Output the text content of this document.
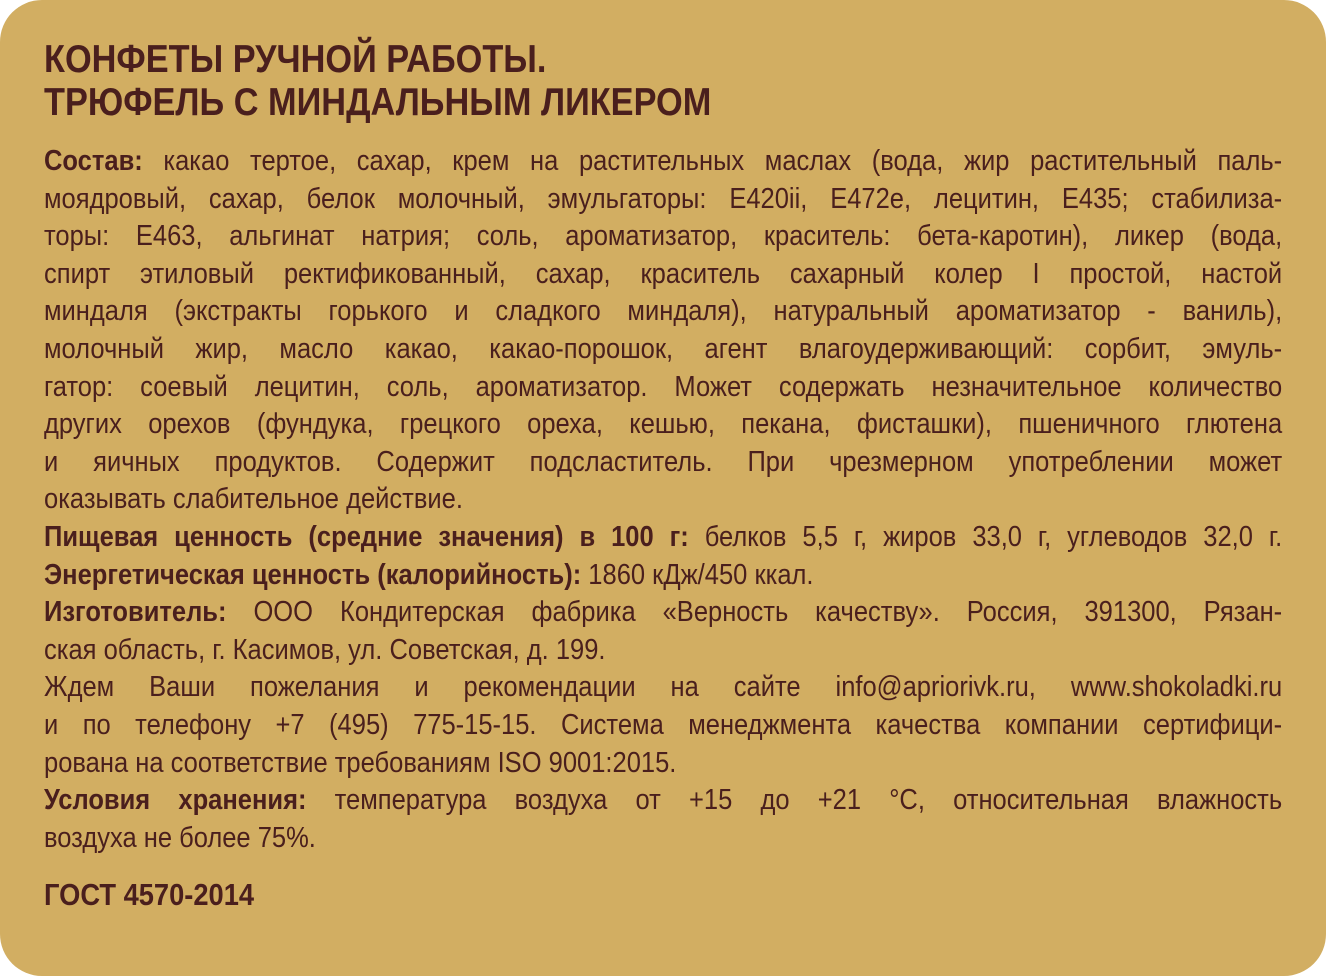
КОНФЕТЫ РУЧНОЙ РАБОТЫ.
ТРЮФЕЛЬ С МИНДАЛЬНЫМ ЛИКЕРОМ
Состав: какао тертое, сахар, крем на растительных маслах (вода, жир растительный паль-
моядровый, сахар, белок молочный, эмульгаторы: Е420ii, Е472е, лецитин, Е435; стабилиза-
торы: Е463, альгинат натрия; соль, ароматизатор, краситель: бета-каротин), ликер (вода,
спирт этиловый ректификованный, сахар, краситель сахарный колер I простой, настой
миндаля (экстракты горького и сладкого миндаля), натуральный ароматизатор - ваниль),
молочный жир, масло какао, какао-порошок, агент влагоудерживающий: сорбит, эмуль-
гатор: соевый лецитин, соль, ароматизатор. Может содержать незначительное количество
других орехов (фундука, грецкого ореха, кешью, пекана, фисташки), пшеничного глютена
и яичных продуктов. Содержит подсластитель. При чрезмерном употреблении может
оказывать слабительное действие.
Пищевая ценность (средние значения) в 100 г: белков 5,5 г, жиров 33,0 г, углеводов 32,0 г.
Энергетическая ценность (калорийность): 1860 кДж/450 ккал.
Изготовитель: ООО Кондитерская фабрика «Верность качеству». Россия, 391300, Рязан-
ская область, г. Касимов, ул. Советская, д. 199.
Ждем Ваши пожелания и рекомендации на сайте info@apriorivk.ru, www.shokoladki.ru
и по телефону +7 (495) 775-15-15. Система менеджмента качества компании сертифици-
рована на соответствие требованиям ISO 9001:2015.
Условия хранения: температура воздуха от +15 до +21 °С, относительная влажность
воздуха не более 75%.
ГОСТ 4570-2014
